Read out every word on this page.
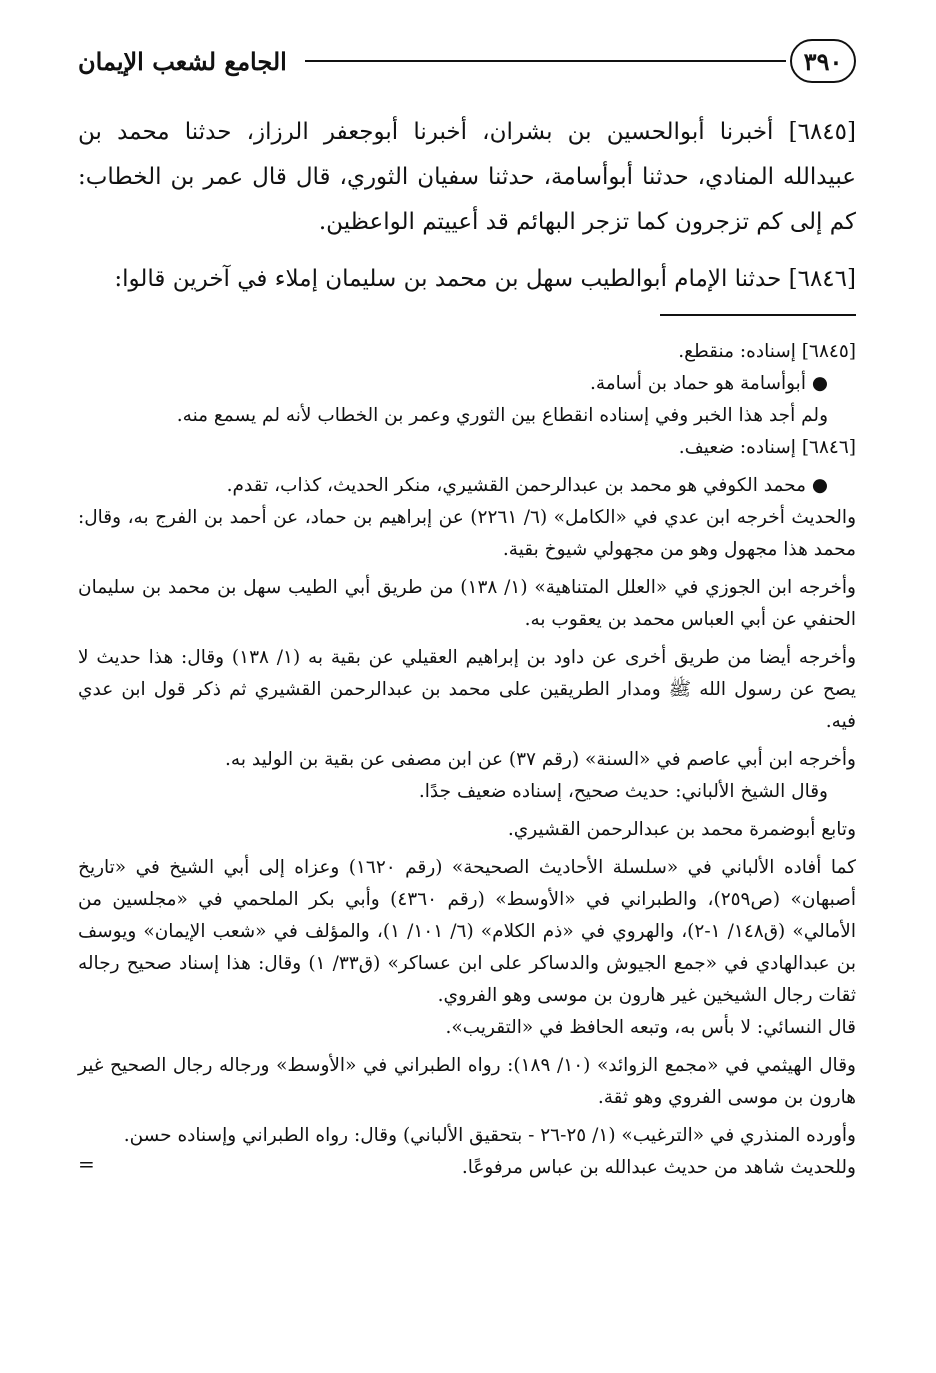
٣٩٠
الجامع لشعب الإيمان

[٦٨٤٥] أخبرنا أبوالحسين بن بشران، أخبرنا أبوجعفر الرزاز، حدثنا محمد بن عبيدالله المنادي، حدثنا أبوأسامة، حدثنا سفيان الثوري، قال قال عمر بن الخطاب: كم إلى كم تزجرون كما تزجر البهائم قد أعييتم الواعظين.

[٦٨٤٦] حدثنا الإمام أبوالطيب سهل بن محمد بن سليمان إملاء في آخرين قالوا:

[٦٨٤٥] إسناده: منقطع.

● أبوأسامة هو حماد بن أسامة.

ولم أجد هذا الخبر وفي إسناده انقطاع بين الثوري وعمر بن الخطاب لأنه لم يسمع منه.

[٦٨٤٦] إسناده: ضعيف.

● محمد الكوفي هو محمد بن عبدالرحمن القشيري، منكر الحديث، كذاب، تقدم.

والحديث أخرجه ابن عدي في «الكامل» (٦/ ٢٢٦١) عن إبراهيم بن حماد، عن أحمد بن الفرج به، وقال: محمد هذا مجهول وهو من مجهولي شيوخ بقية.

وأخرجه ابن الجوزي في «العلل المتناهية» (١/ ١٣٨) من طريق أبي الطيب سهل بن محمد بن سليمان الحنفي عن أبي العباس محمد بن يعقوب به.

وأخرجه أيضا من طريق أخرى عن داود بن إبراهيم العقيلي عن بقية به (١/ ١٣٨) وقال: هذا حديث لا يصح عن رسول الله ﷺ ومدار الطريقين على محمد بن عبدالرحمن القشيري ثم ذكر قول ابن عدي فيه.

وأخرجه ابن أبي عاصم في «السنة» (رقم ٣٧) عن ابن مصفى عن بقية بن الوليد به.

وقال الشيخ الألباني: حديث صحيح، إسناده ضعيف جدًا.

وتابع أبوضمرة محمد بن عبدالرحمن القشيري.

كما أفاده الألباني في «سلسلة الأحاديث الصحيحة» (رقم ١٦٢٠) وعزاه إلى أبي الشيخ في «تاريخ أصبهان» (ص٢٥٩)، والطبراني في «الأوسط» (رقم ٤٣٦٠) وأبي بكر الملحمي في «مجلسين من الأمالي» (ق١٤٨/ ١-٢)، والهروي في «ذم الكلام» (٦/ ١٠١/ ١)، والمؤلف في «شعب الإيمان» ويوسف بن عبدالهادي في «جمع الجيوش والدساكر على ابن عساكر» (ق٣٣/ ١) وقال: هذا إسناد صحيح رجاله ثقات رجال الشيخين غير هارون بن موسى وهو الفروي.

قال النسائي: لا بأس به، وتبعه الحافظ في «التقريب».

وقال الهيثمي في «مجمع الزوائد» (١٠/ ١٨٩): رواه الطبراني في «الأوسط» ورجاله رجال الصحيح غير هارون بن موسى الفروي وهو ثقة.

وأورده المنذري في «الترغيب» (١/ ٢٥-٢٦ - بتحقيق الألباني) وقال: رواه الطبراني وإسناده حسن.

وللحديث شاهد من حديث عبدالله بن عباس مرفوعًا.

=
